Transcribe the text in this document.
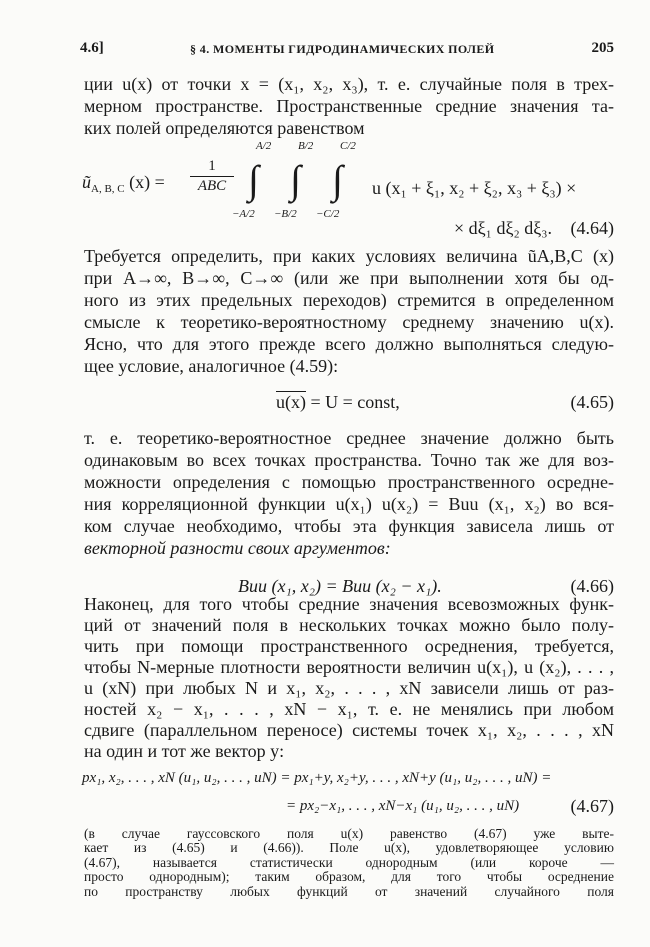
4.6]	§ 4. МОМЕНТЫ ГИДРОДИНАМИЧЕСКИХ ПОЛЕЙ	205
ции u(x) от точки x = (x₁, x₂, x₃), т. е. случайные поля в трех-
мерном пространстве. Пространственные средние значения та-
ких полей определяются равенством
$ũ_{A, B, C}$ (x) =
1
ABC ∫
A/2
−A/2
∫
B/2
−B/2
∫
C/2
−C/2
u (x₁ + ξ₁, x₂ + ξ₂, x₃ + ξ₃) ×
× dξ₁ dξ₂ dξ₃. (4.64)
Требуется определить, при каких условиях величина ũA,B,C (x)
при A→∞, B→∞, C→∞ (или же при выполнении хотя бы од-
ного из этих предельных переходов) стремится в определенном
смысле к теоретико-вероятностному среднему значению u(x).
Ясно, что для этого прежде всего должно выполняться следую-
щее условие, аналогичное (4.59):
u(x) = U = const,	(4.65)
т. е. теоретико-вероятностное среднее значение должно быть
одинаковым во всех точках пространства. Точно так же для воз-
можности определения с помощью пространственного осредне-
ния корреляционной функции u(x₁) u(x₂) = Buu (x₁, x₂) во вся-
ком случае необходимо, чтобы эта функция зависела лишь от
векторной разности своих аргументов:
Buu (x₁, x₂) = Buu (x₂ − x₁).	(4.66)
Наконец, для того чтобы средние значения всевозможных функ-
ций от значений поля в нескольких точках можно было полу-
чить при помощи пространственного осреднения, требуется,
чтобы N-мерные плотности вероятности величин u(x₁), u (x₂), . . . ,
u (xN) при любых N и x₁, x₂, . . . , xN зависели лишь от раз-
ностей x₂ − x₁, . . . , xN − x₁, т. е. не менялись при любом
сдвиге (параллельном переносе) системы точек x₁, x₂, . . . , xN
на один и тот же вектор y:
px₁, x₂, . . . , xN (u₁, u₂, . . . , uN) = px₁+y, x₂+y, . . . , xN+y (u₁, u₂, . . . , uN) =
= px₂−x₁, . . . , xN−x₁ (u₁, u₂, . . . , uN)	(4.67)
(в случае гауссовского поля u(x) равенство (4.67) уже выте-
кает из (4.65) и (4.66)). Поле u(x), удовлетворяющее условию
(4.67), называется статистически однородным (или короче —
просто однородным); таким образом, для того чтобы осреднение
по пространству любых функций от значений случайного поля
